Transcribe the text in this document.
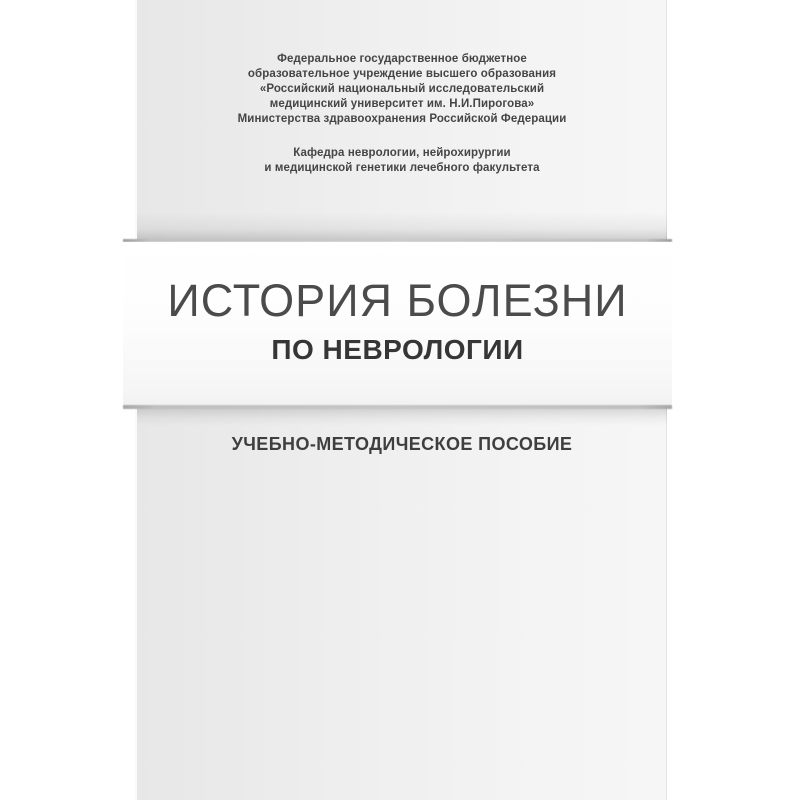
Федеральное государственное бюджетное
образовательное учреждение высшего образования
«Российский национальный исследовательский
медицинский университет им. Н.И.Пирогова»
Министерства здравоохранения Российской Федерации
Кафедра неврологии, нейрохирургии
и медицинской генетики лечебного факультета
УЧЕБНО-МЕТОДИЧЕСКОЕ ПОСОБИЕ
ИСТОРИЯ БОЛЕЗНИ
ПО НЕВРОЛОГИИ
